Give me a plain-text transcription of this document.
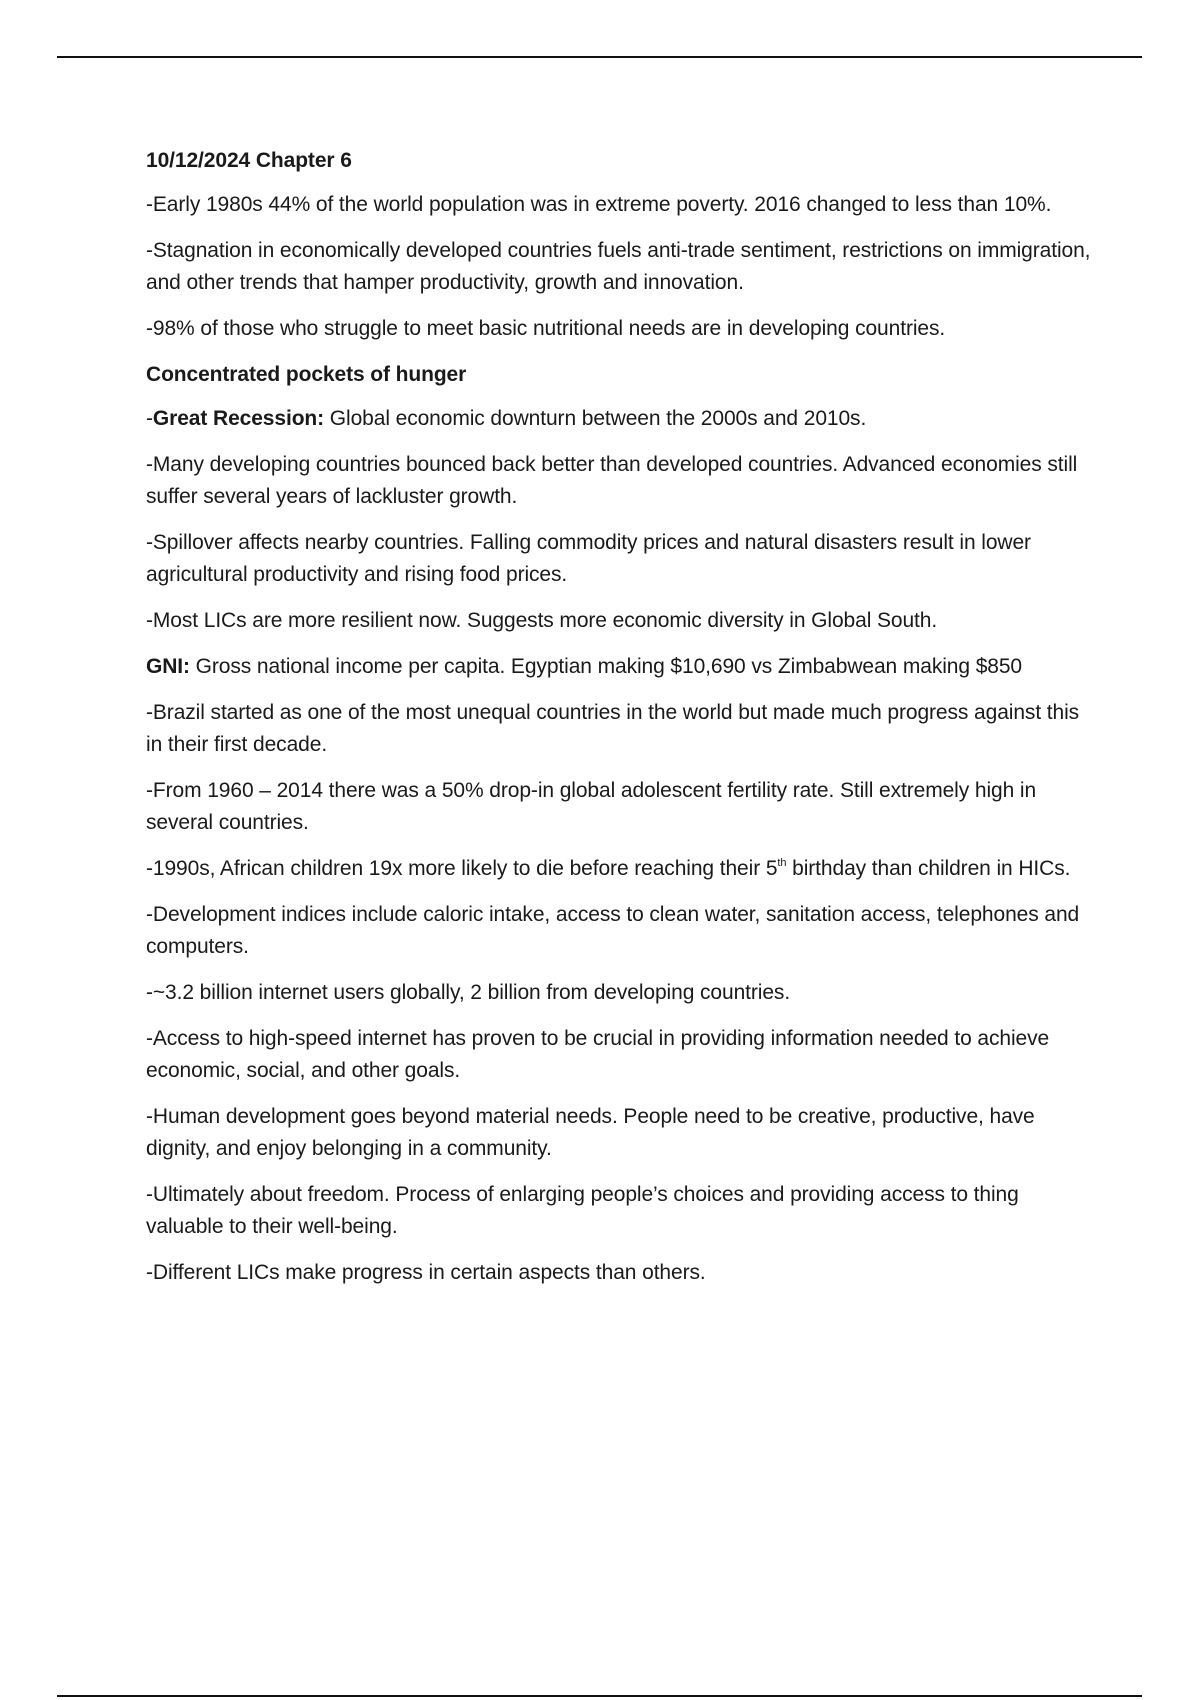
10/12/2024 Chapter 6

-Early 1980s 44% of the world population was in extreme poverty. 2016 changed to less than 10%.

-Stagnation in economically developed countries fuels anti-trade sentiment, restrictions on immigration, and other trends that hamper productivity, growth and innovation.

-98% of those who struggle to meet basic nutritional needs are in developing countries.

Concentrated pockets of hunger

-Great Recession: Global economic downturn between the 2000s and 2010s.

-Many developing countries bounced back better than developed countries. Advanced economies still suffer several years of lackluster growth.

-Spillover affects nearby countries. Falling commodity prices and natural disasters result in lower agricultural productivity and rising food prices.

-Most LICs are more resilient now. Suggests more economic diversity in Global South.

GNI: Gross national income per capita. Egyptian making $10,690 vs Zimbabwean making $850

-Brazil started as one of the most unequal countries in the world but made much progress against this in their first decade.

-From 1960 – 2014 there was a 50% drop-in global adolescent fertility rate. Still extremely high in several countries.

-1990s, African children 19x more likely to die before reaching their 5th birthday than children in HICs.

-Development indices include caloric intake, access to clean water, sanitation access, telephones and computers.

-~3.2 billion internet users globally, 2 billion from developing countries.

-Access to high-speed internet has proven to be crucial in providing information needed to achieve economic, social, and other goals.

-Human development goes beyond material needs. People need to be creative, productive, have dignity, and enjoy belonging in a community.

-Ultimately about freedom. Process of enlarging people’s choices and providing access to thing valuable to their well-being.

-Different LICs make progress in certain aspects than others.
